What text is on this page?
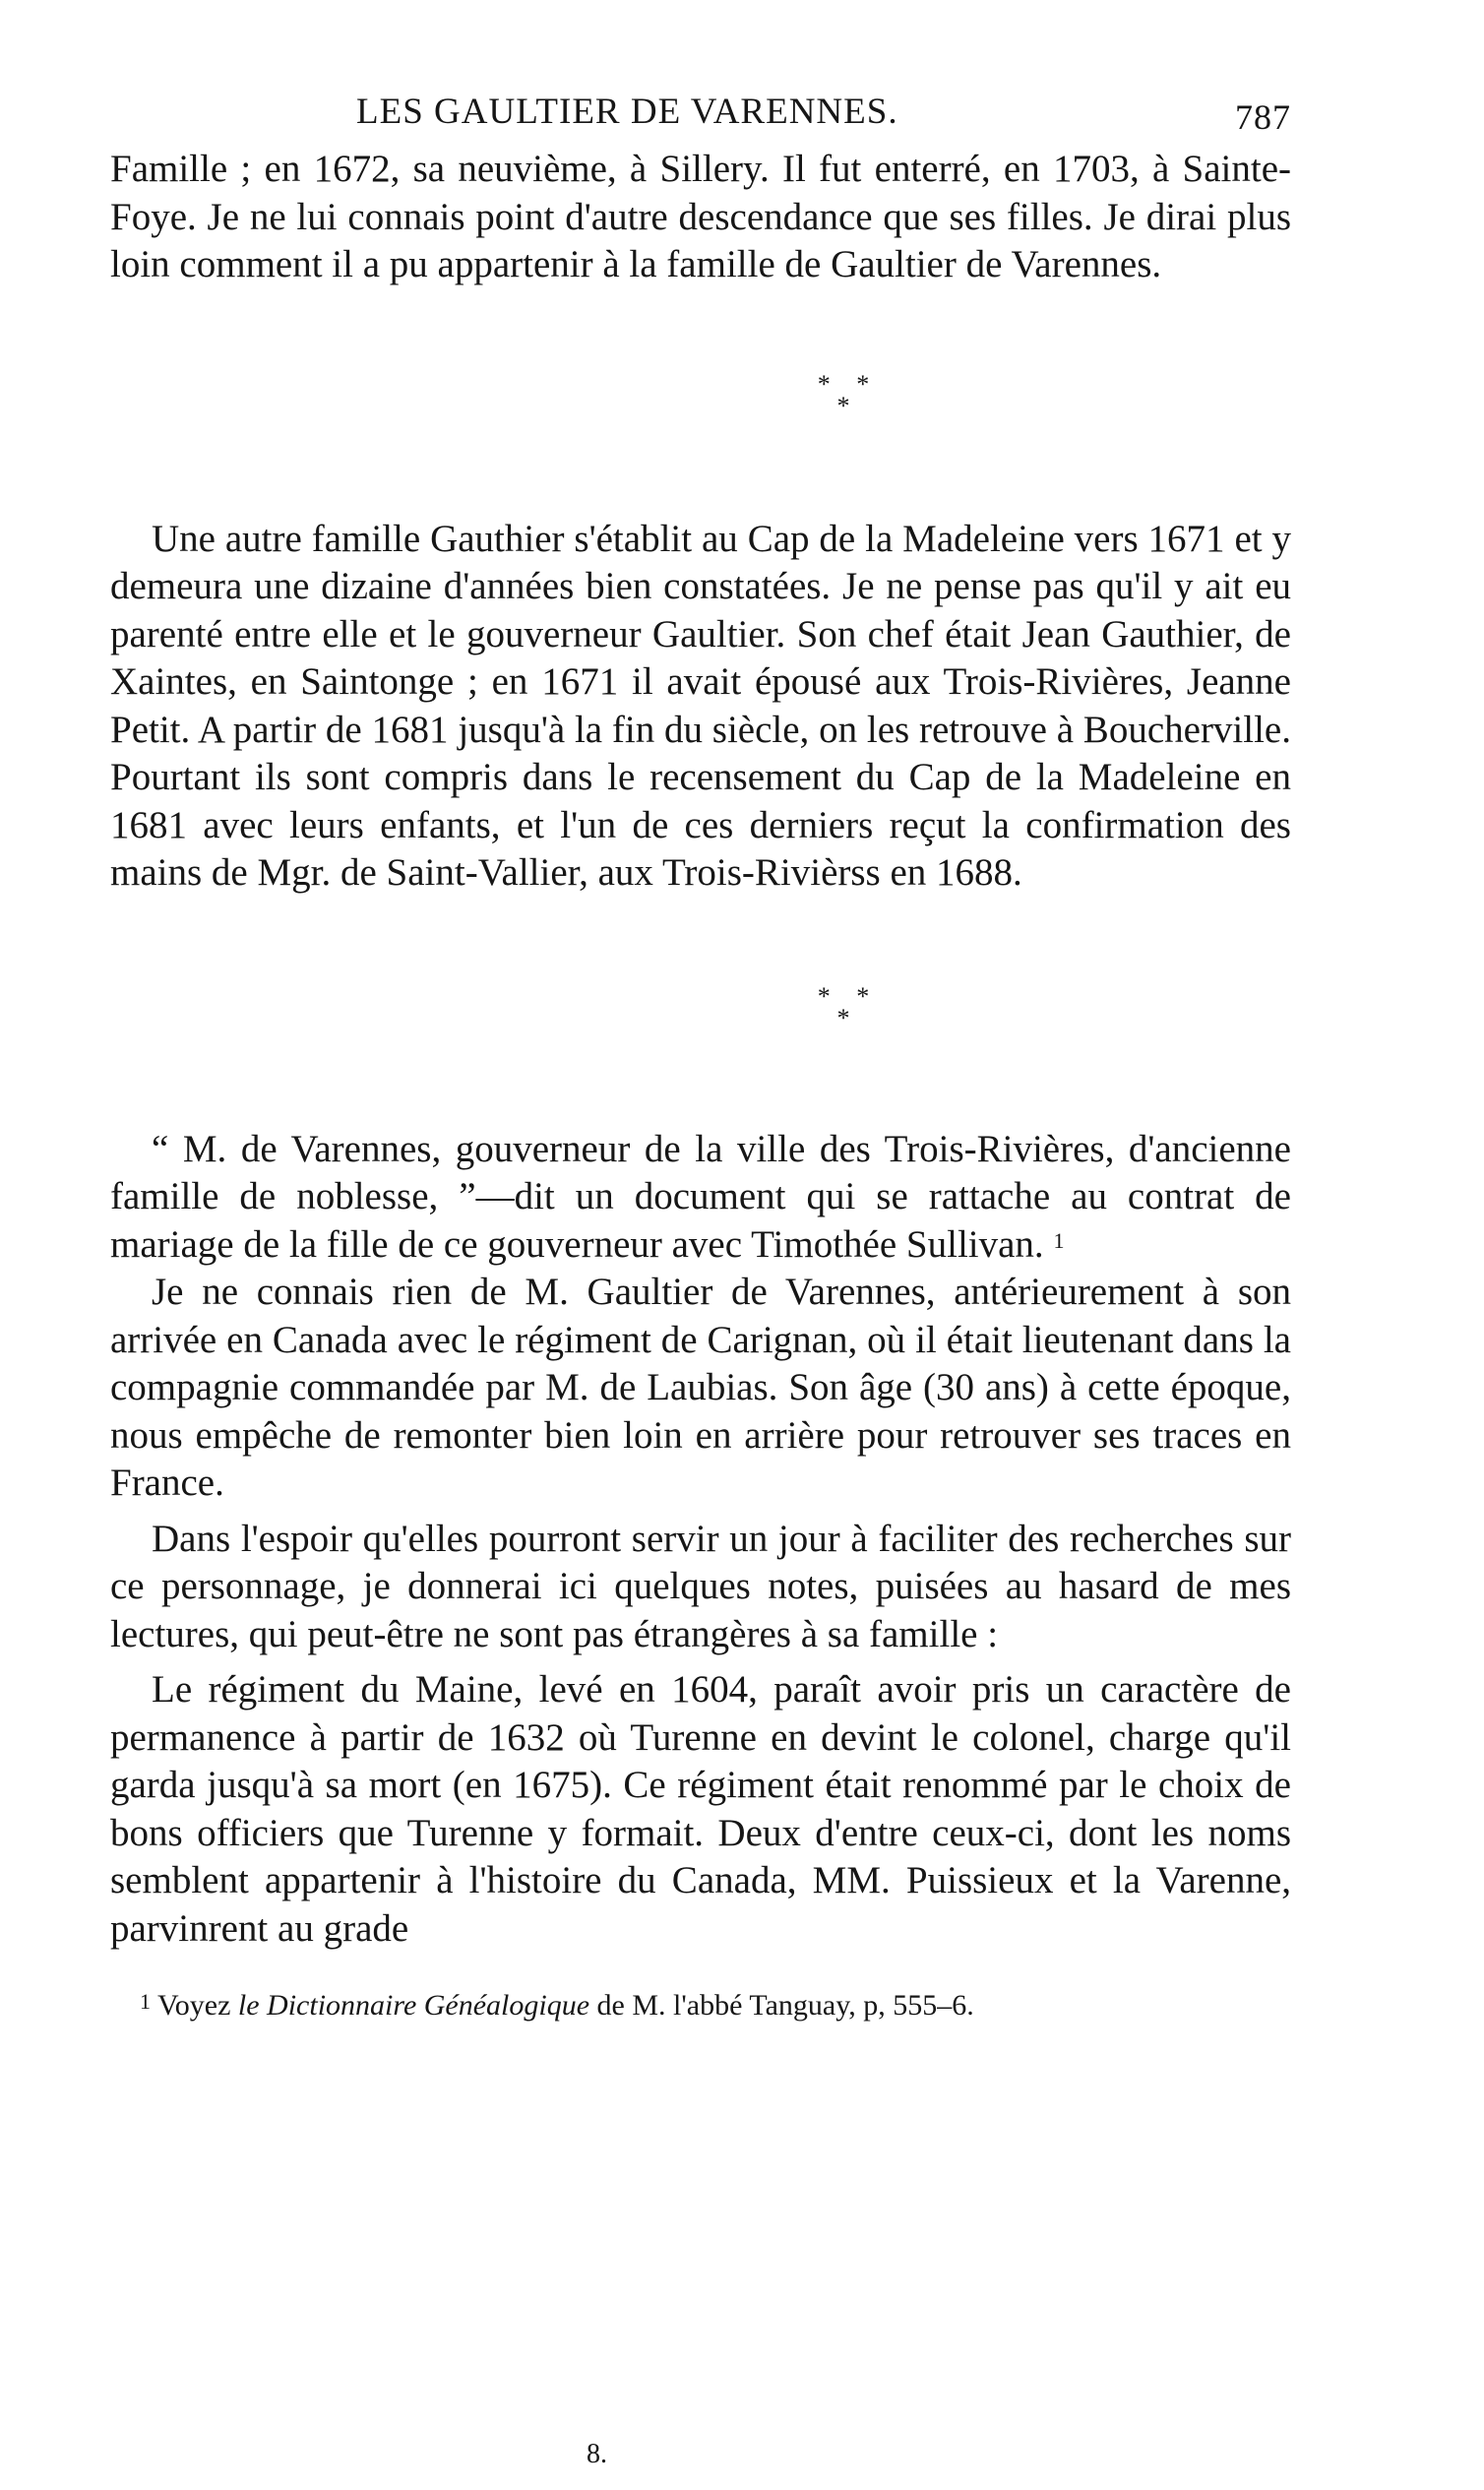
LES GAULTIER DE VARENNES.	787

Famille ; en 1672, sa neuvième, à Sillery. Il fut enterré, en 1703, à Sainte-Foye. Je ne lui connais point d'autre descendance que ses filles. Je dirai plus loin comment il a pu appartenir à la famille de Gaultier de Varennes.

* *
*

Une autre famille Gauthier s'établit au Cap de la Madeleine vers 1671 et y demeura une dizaine d'années bien constatées. Je ne pense pas qu'il y ait eu parenté entre elle et le gouverneur Gaultier. Son chef était Jean Gauthier, de Xaintes, en Saintonge ; en 1671 il avait épousé aux Trois-Rivières, Jeanne Petit. A partir de 1681 jusqu'à la fin du siècle, on les retrouve à Boucherville. Pourtant ils sont compris dans le recensement du Cap de la Madeleine en 1681 avec leurs enfants, et l'un de ces derniers reçut la confirmation des mains de Mgr. de Saint-Vallier, aux Trois-Rivièrss en 1688.

* *
*

“ M. de Varennes, gouverneur de la ville des Trois-Rivières, d'ancienne famille de noblesse, ”—dit un document qui se rattache au contrat de mariage de la fille de ce gouverneur avec Timothée Sullivan. $^1$

Je ne connais rien de M. Gaultier de Varennes, antérieurement à son arrivée en Canada avec le régiment de Carignan, où il était lieutenant dans la compagnie commandée par M. de Laubias. Son âge (30 ans) à cette époque, nous empêche de remonter bien loin en arrière pour retrouver ses traces en France.

Dans l'espoir qu'elles pourront servir un jour à faciliter des recherches sur ce personnage, je donnerai ici quelques notes, puisées au hasard de mes lectures, qui peut-être ne sont pas étrangères à sa famille :

Le régiment du Maine, levé en 1604, paraît avoir pris un caractère de permanence à partir de 1632 où Turenne en devint le colonel, charge qu'il garda jusqu'à sa mort (en 1675). Ce régiment était renommé par le choix de bons officiers que Turenne y formait. Deux d'entre ceux-ci, dont les noms semblent appartenir à l'histoire du Canada, MM. Puissieux et la Varenne, parvinrent au grade

$^1$ Voyez le Dictionnaire Généalogique de M. l'abbé Tanguay, p, 555–6.
8.
